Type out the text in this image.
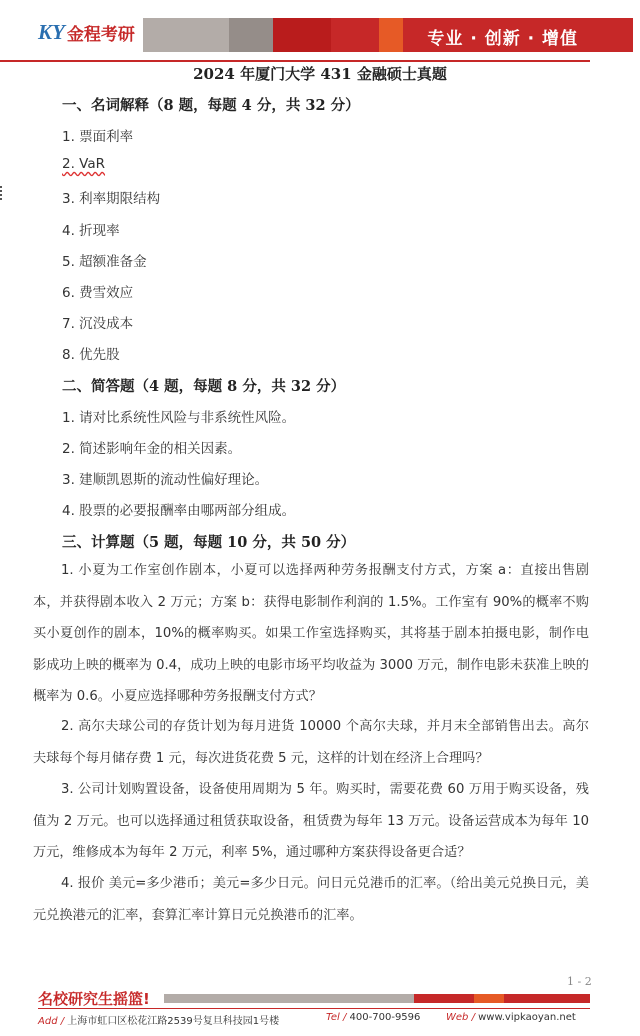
KY 金程考研	专业 · 创新 · 增值
2024 年厦门大学 431 金融硕士真题
一、名词解释（8 题，每题 4 分，共 32 分）
1. 票面利率
2. VaR
3. 利率期限结构
4. 折现率
5. 超额准备金
6. 费雪效应
7. 沉没成本
8. 优先股
二、简答题（4 题，每题 8 分，共 32 分）
1. 请对比系统性风险与非系统性风险。
2. 简述影响年金的相关因素。
3. 建顺凯恩斯的流动性偏好理论。
4. 股票的必要报酬率由哪两部分组成。
三、计算题（5 题，每题 10 分，共 50 分）
1. 小夏为工作室创作剧本，小夏可以选择两种劳务报酬支付方式，方案 a：直接出售剧本，并获得剧本收入 2 万元；方案 b：获得电影制作利润的 1.5%。工作室有 90%的概率不购买小夏创作的剧本，10%的概率购买。如果工作室选择购买，其将基于剧本拍摄电影，制作电影成功上映的概率为 0.4，成功上映的电影市场平均收益为 3000 万元，制作电影未获准上映的概率为 0.6。小夏应选择哪种劳务报酬支付方式？
2. 高尔夫球公司的存货计划为每月进货 10000 个高尔夫球，并月末全部销售出去。高尔夫球每个每月储存费 1 元，每次进货花费 5 元，这样的计划在经济上合理吗？
3. 公司计划购置设备，设备使用周期为 5 年。购买时，需要花费 60 万用于购买设备，残值为 2 万元。也可以选择通过租赁获取设备，租赁费为每年 13 万元。设备运营成本为每年 10 万元，维修成本为每年 2 万元，利率 5%，通过哪种方案获得设备更合适？
4. 报价 美元=多少港币；美元=多少日元。问日元兑港币的汇率。（给出美元兑换日元，美元兑换港元的汇率，套算汇率计算日元兑换港币的汇率。
1 - 2
名校研究生摇篮!
Add / 上海市虹口区松花江路2539号复旦科技园1号楼	Tel / 400-700-9596	Web / www.vipkaoyan.net
